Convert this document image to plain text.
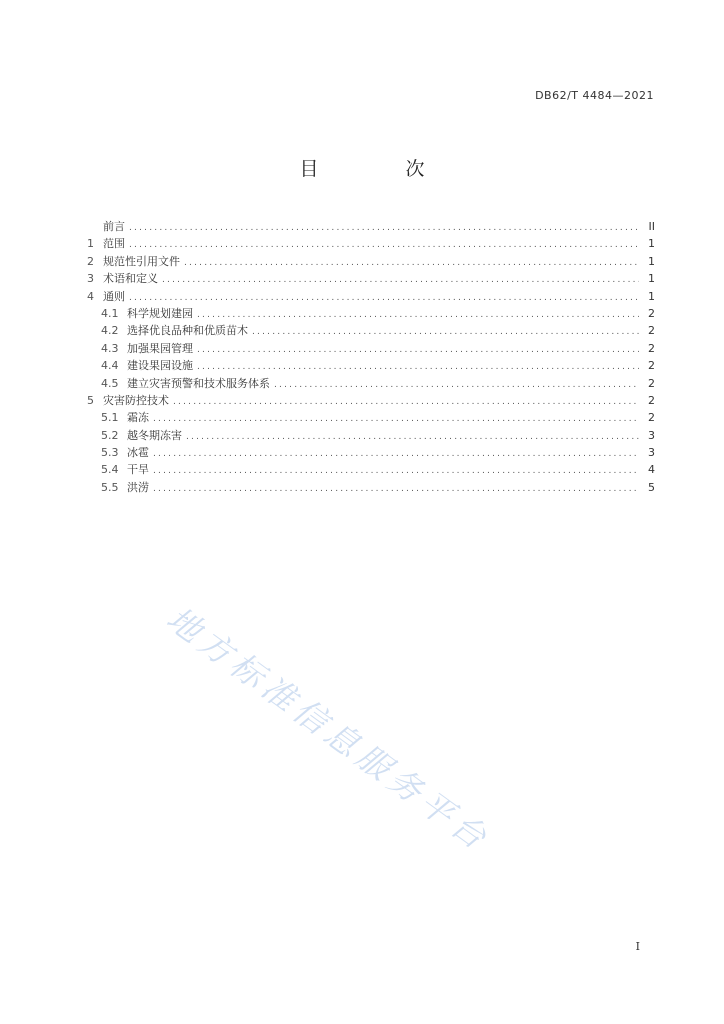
DB62/T 4484—2021
目　次
前言 .....	II
1 范围 .....	1
2 规范性引用文件 .....	1
3 术语和定义 .....	1
4 通则 .....	1
4.1 科学规划建园 .....	2
4.2 选择优良品种和优质苗木 .....	2
4.3 加强果园管理 .....	2
4.4 建设果园设施 .....	2
4.5 建立灾害预警和技术服务体系 .....	2
5 灾害防控技术 .....	2
5.1 霜冻 .....	2
5.2 越冬期冻害 .....	3
5.3 冰雹 .....	3
5.4 干旱 .....	4
5.5 洪涝 .....	5
地方标准信息服务平台
I
